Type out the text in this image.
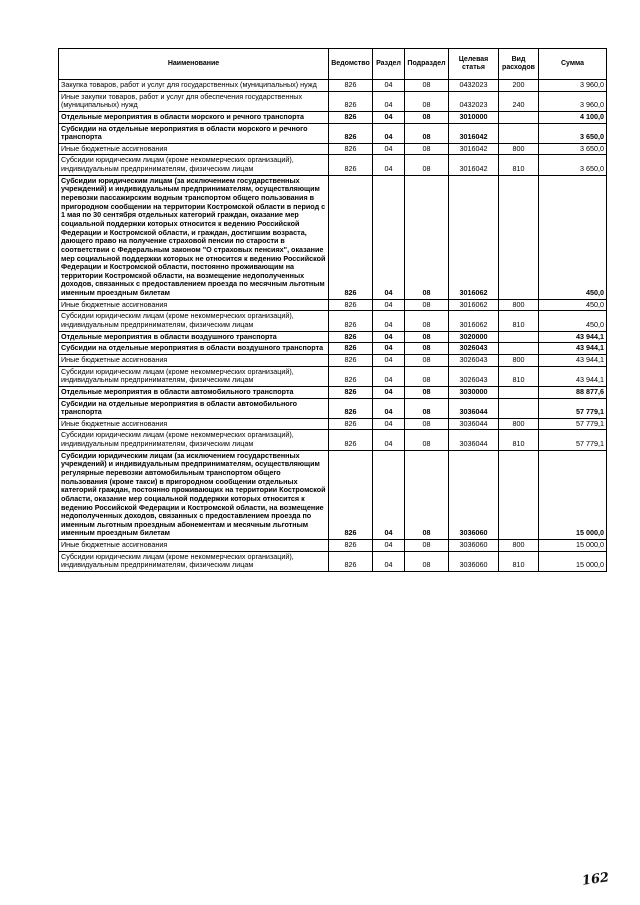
Наименование	Ведомство	Раздел	Подраздел	Целевая статья	Вид расходов	Сумма
Закупка товаров, работ и услуг для государственных (муниципальных) нужд	826	04	08	0432023	200	3 960,0
Иные закупки товаров, работ и услуг для обеспечения государственных (муниципальных) нужд	826	04	08	0432023	240	3 960,0
Отдельные мероприятия в области морского и речного транспорта	826	04	08	3010000		4 100,0
Субсидии на отдельные мероприятия в области морского и речного транспорта	826	04	08	3016042		3 650,0
Иные бюджетные ассигнования	826	04	08	3016042	800	3 650,0
Субсидии юридическим лицам (кроме некоммерческих организаций), индивидуальным предпринимателям, физическим лицам	826	04	08	3016042	810	3 650,0
Субсидии юридическим лицам (за исключением государственных учреждений) и индивидуальным предпринимателям, осуществляющим перевозки пассажирским водным транспортом общего пользования в пригородном сообщении на территории Костромской области в период с 1 мая по 30 сентября отдельных категорий граждан, оказание мер социальной поддержки которых относится к ведению Российской Федерации и Костромской области, и граждан, достигшим возраста, дающего право на получение страховой пенсии по старости в соответствии с Федеральным законом "О страховых пенсиях", оказание мер социальной поддержки которых не относится к ведению Российской Федерации и Костромской области, постоянно проживающим на территории Костромской области, на возмещение недополученных доходов, связанных с предоставлением проезда по месячным льготным именным проездным билетам	826	04	08	3016062		450,0
Иные бюджетные ассигнования	826	04	08	3016062	800	450,0
Субсидии юридическим лицам (кроме некоммерческих организаций), индивидуальным предпринимателям, физическим лицам	826	04	08	3016062	810	450,0
Отдельные мероприятия в области воздушного транспорта	826	04	08	3020000		43 944,1
Субсидии на отдельные мероприятия в области воздушного транспорта	826	04	08	3026043		43 944,1
Иные бюджетные ассигнования	826	04	08	3026043	800	43 944,1
Субсидии юридическим лицам (кроме некоммерческих организаций), индивидуальным предпринимателям, физическим лицам	826	04	08	3026043	810	43 944,1
Отдельные мероприятия в области автомобильного транспорта	826	04	08	3030000		88 877,6
Субсидии на отдельные мероприятия в области автомобильного транспорта	826	04	08	3036044		57 779,1
Иные бюджетные ассигнования	826	04	08	3036044	800	57 779,1
Субсидии юридическим лицам (кроме некоммерческих организаций), индивидуальным предпринимателям, физическим лицам	826	04	08	3036044	810	57 779,1
Субсидии юридическим лицам (за исключением государственных учреждений) и индивидуальным предпринимателям, осуществляющим регулярные перевозки автомобильным транспортом общего пользования (кроме такси) в пригородном сообщении отдельных категорий граждан, постоянно проживающих на территории Костромской области, оказание мер социальной поддержки которых относится к ведению Российской Федерации и Костромской области, на возмещение недополученных доходов, связанных с предоставлением проезда по именным льготным проездным абонементам и месячным льготным именным проездным билетам	826	04	08	3036060		15 000,0
Иные бюджетные ассигнования	826	04	08	3036060	800	15 000,0
Субсидии юридическим лицам (кроме некоммерческих организаций), индивидуальным предпринимателям, физическим лицам	826	04	08	3036060	810	15 000,0
162
